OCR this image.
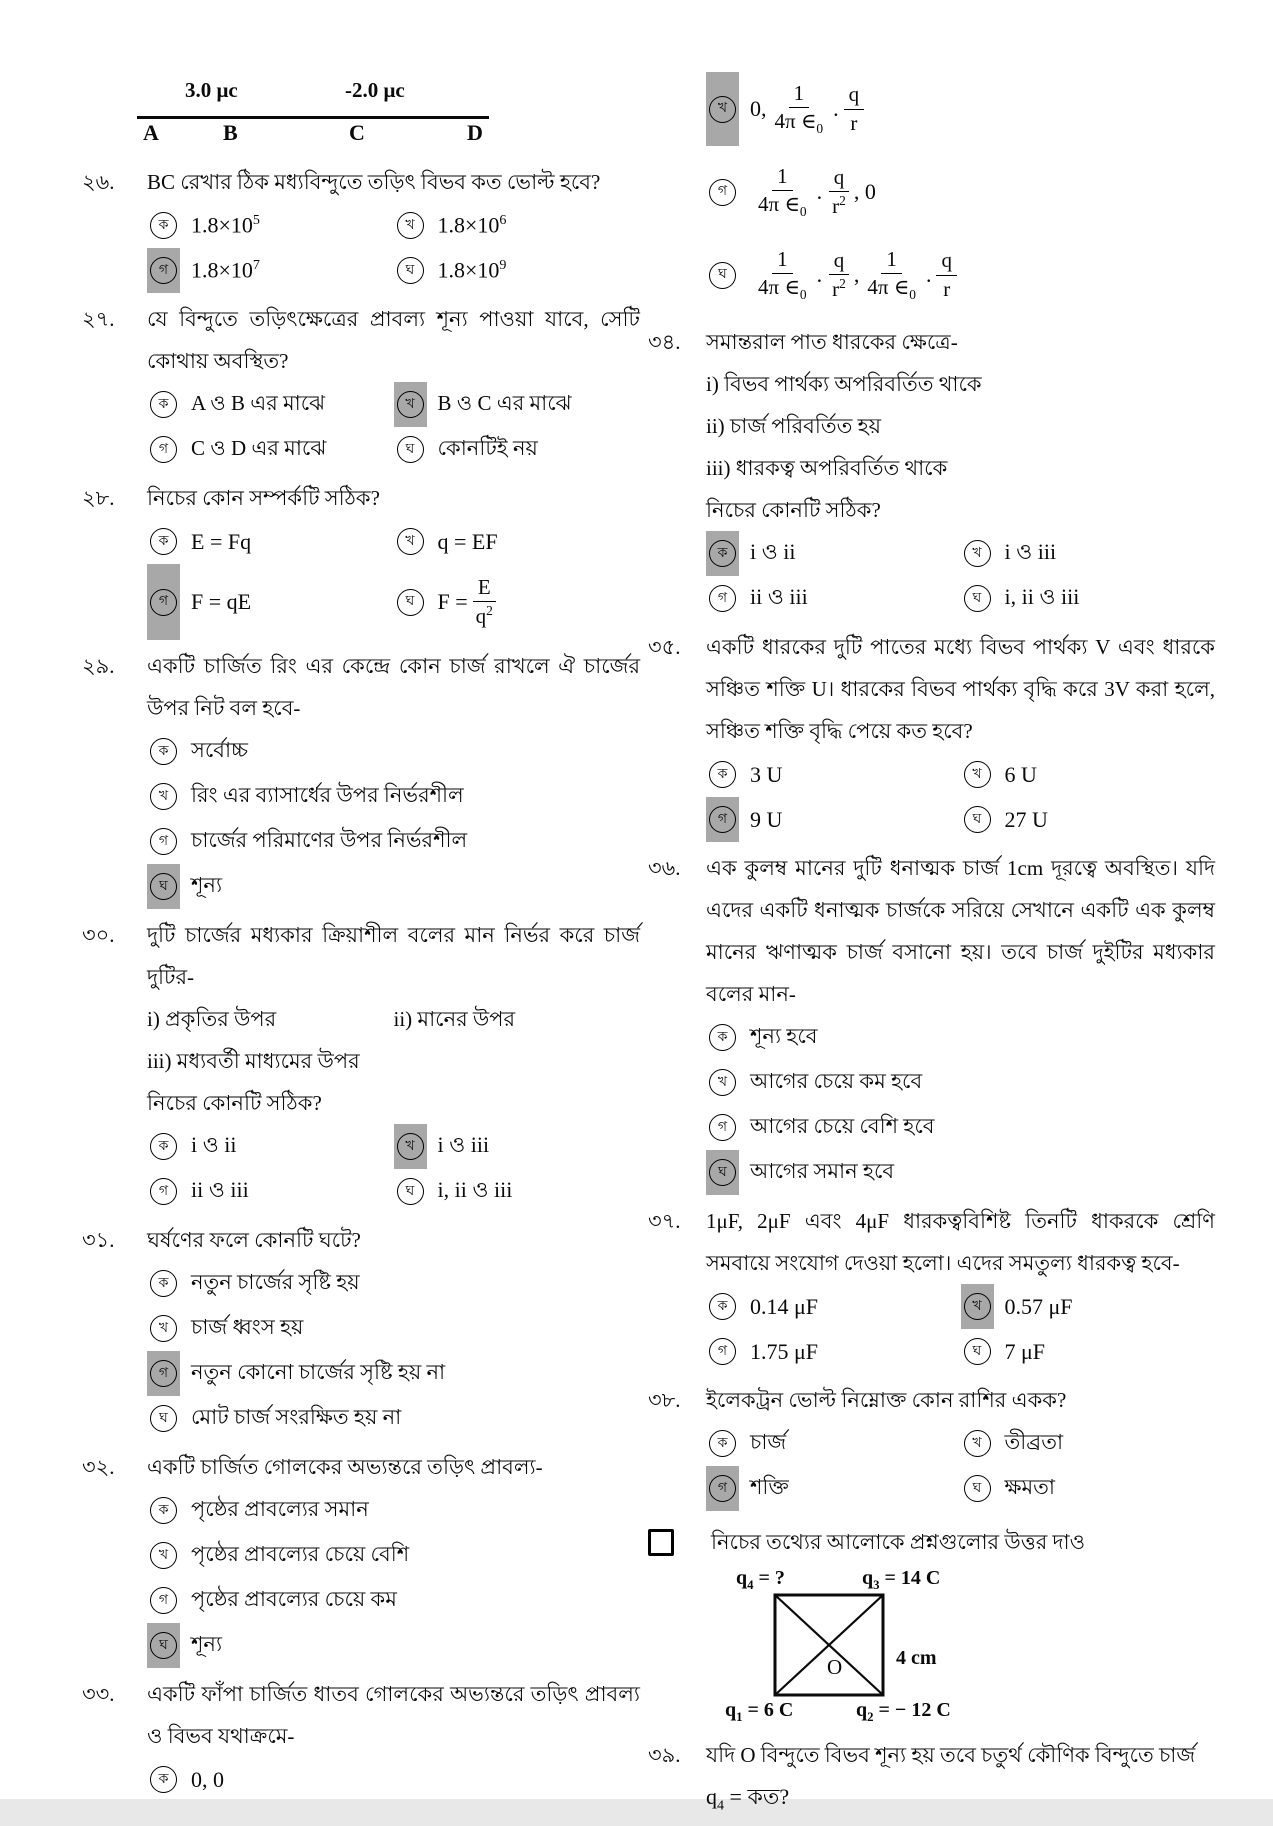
3.0 μc	-2.0 μc
A	B	C	D
২৬.	BC রেখার ঠিক মধ্যবিন্দুতে তড়িৎ বিভব কত ভোল্ট হবে?
ক	$1.8\times 10^5$	খ	$1.8\times 10^6$
গ	$1.8\times 10^7$	ঘ	$1.8\times 10^9$
২৭.	যে বিন্দুতে তড়িৎক্ষেত্রের প্রাবল্য শূন্য পাওয়া যাবে, সেটি কোথায় অবস্থিত?
ক	A ও B এর মাঝে	খ	B ও C এর মাঝে
গ	C ও D এর মাঝে	ঘ	কোনটিই নয়
২৮.	নিচের কোন সম্পর্কটি সঠিক?
ক	E = Fq	খ	q = EF
গ	F = qE	ঘ	$F = \frac{E}{q^2}$
২৯.	একটি চার্জিত রিং এর কেন্দ্রে কোন চার্জ রাখলে ঐ চার্জের উপর নিট বল হবে-
ক	সর্বোচ্চ
খ	রিং এর ব্যাসার্ধের উপর নির্ভরশীল
গ	চার্জের পরিমাণের উপর নির্ভরশীল
ঘ	শূন্য
৩০.	দুটি চার্জের মধ্যকার ক্রিয়াশীল বলের মান নির্ভর করে চার্জ দুটির-
i) প্রকৃতির উপর	ii) মানের উপর
iii) মধ্যবর্তী মাধ্যমের উপর
নিচের কোনটি সঠিক?
ক	i ও ii	খ	i ও iii
গ	ii ও iii	ঘ	i, ii ও iii
৩১.	ঘর্ষণের ফলে কোনটি ঘটে?
ক	নতুন চার্জের সৃষ্টি হয়
খ	চার্জ ধ্বংস হয়
গ	নতুন কোনো চার্জের সৃষ্টি হয় না
ঘ	মোট চার্জ সংরক্ষিত হয় না
৩২.	একটি চার্জিত গোলকের অভ্যন্তরে তড়িৎ প্রাবল্য-
ক	পৃষ্ঠের প্রাবল্যের সমান
খ	পৃষ্ঠের প্রাবল্যের চেয়ে বেশি
গ	পৃষ্ঠের প্রাবল্যের চেয়ে কম
ঘ	শূন্য
৩৩.	একটি ফাঁপা চার্জিত ধাতব গোলকের অভ্যন্তরে তড়িৎ প্রাবল্য ও বিভব যথাক্রমে-
ক	0, 0
খ	0, $\frac{1}{4\pi \in_0}$ . $\frac{q}{r}$
গ	$\frac{1}{4\pi \in_0}$ . $\frac{q}{r^2}$ , 0
ঘ	$\frac{1}{4\pi \in_0}$ . $\frac{q}{r^2}$ , $\frac{1}{4\pi \in_0}$ . $\frac{q}{r}$
৩৪.	সমান্তরাল পাত ধারকের ক্ষেত্রে-
i) বিভব পার্থক্য অপরিবর্তিত থাকে
ii) চার্জ পরিবর্তিত হয়
iii) ধারকত্ব অপরিবর্তিত থাকে
নিচের কোনটি সঠিক?
ক	i ও ii	খ	i ও iii
গ	ii ও iii	ঘ	i, ii ও iii
৩৫.	একটি ধারকের দুটি পাতের মধ্যে বিভব পার্থক্য V এবং ধারকে সঞ্চিত শক্তি U। ধারকের বিভব পার্থক্য বৃদ্ধি করে 3V করা হলে, সঞ্চিত শক্তি বৃদ্ধি পেয়ে কত হবে?
ক	3 U	খ	6 U
গ	9 U	ঘ	27 U
৩৬.	এক কুলম্ব মানের দুটি ধনাত্মক চার্জ 1cm দূরত্বে অবস্থিত। যদি এদের একটি ধনাত্মক চার্জকে সরিয়ে সেখানে একটি এক কুলম্ব মানের ঋণাত্মক চার্জ বসানো হয়। তবে চার্জ দুইটির মধ্যকার বলের মান-
ক	শূন্য হবে
খ	আগের চেয়ে কম হবে
গ	আগের চেয়ে বেশি হবে
ঘ	আগের সমান হবে
৩৭.	1μF, 2μF এবং 4μF ধারকত্ববিশিষ্ট তিনটি ধাকরকে শ্রেণি সমবায়ে সংযোগ দেওয়া হলো। এদের সমতুল্য ধারকত্ব হবে-
ক	0.14 μF	খ	0.57 μF
গ	1.75 μF	ঘ	7 μF
৩৮.	ইলেকট্রন ভোল্ট নিম্নোক্ত কোন রাশির একক?
ক	চার্জ	খ	তীব্রতা
গ	শক্তি	ঘ	ক্ষমতা
নিচের তথ্যের আলোকে প্রশ্নগুলোর উত্তর দাও
$q_4$ = ?	$q_3 = 14$ C
4 cm
O
$q_1 = 6$ C	$q_2$ = − 12 C
৩৯.	যদি O বিন্দুতে বিভব শূন্য হয় তবে চতুর্থ কৌণিক বিন্দুতে চার্জ
$q_4$ = কত?
